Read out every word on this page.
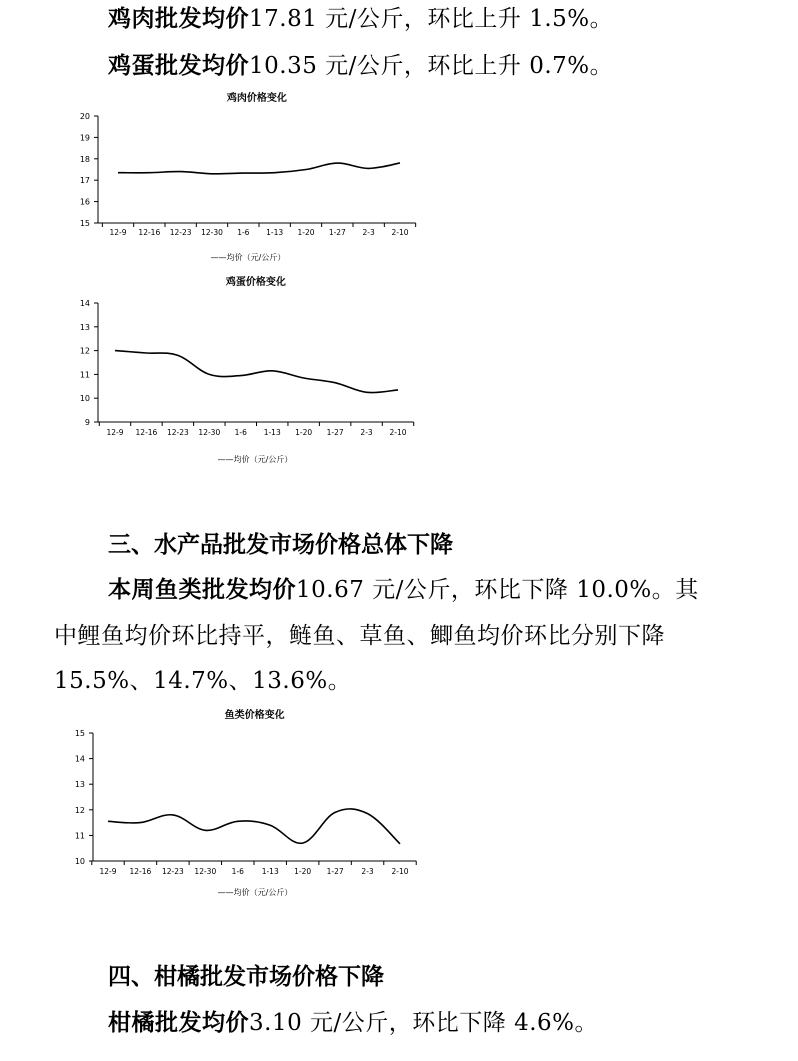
鸡肉批发均价17.81 元/公斤，环比上升 1.5%。
鸡蛋批发均价10.35 元/公斤，环比上升 0.7%。
鸡肉价格变化
15
16
17
18
19
20
12-9 12-16 12-23 12-30 1-6 1-13 1-20 1-27 2-3 2-10
——均价（元/公斤）
鸡蛋价格变化
9
10
11
12
13
14
12-9 12-16 12-23 12-30 1-6 1-13 1-20 1-27 2-3 2-10
——均价（元/公斤）
三、水产品批发市场价格总体下降
本周鱼类批发均价10.67 元/公斤，环比下降 10.0%。其
中鲤鱼均价环比持平，鲢鱼、草鱼、鲫鱼均价环比分别下降
15.5%、14.7%、13.6%。
鱼类价格变化
10
11
12
13
14
15
12-9 12-16 12-23 12-30 1-6 1-13 1-20 1-27 2-3 2-10
——均价（元/公斤）
四、柑橘批发市场价格下降
柑橘批发均价3.10 元/公斤，环比下降 4.6%。
